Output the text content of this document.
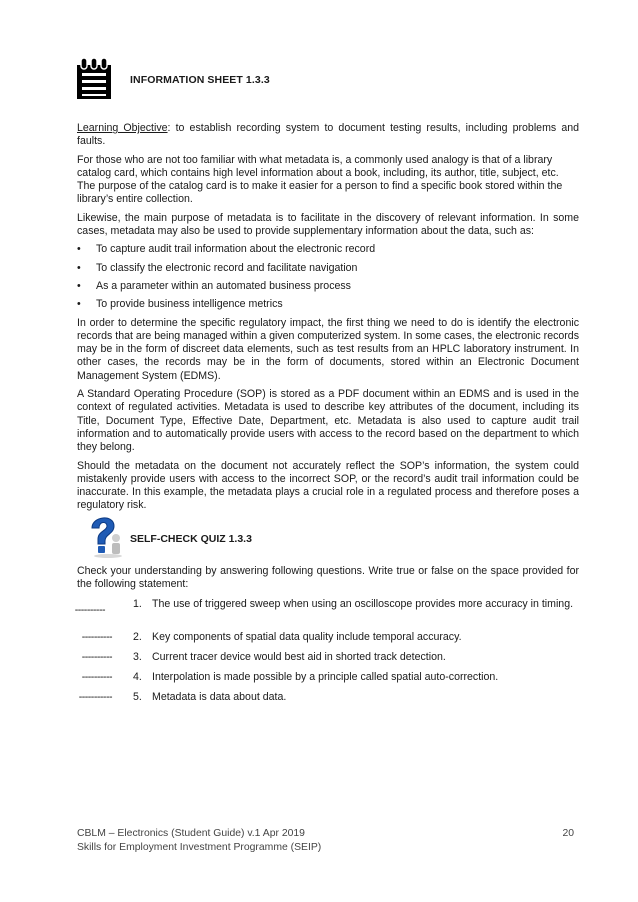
INFORMATION SHEET 1.3.3

Learning Objective: to establish recording system to document testing results, including problems and faults.

For those who are not too familiar with what metadata is, a commonly used analogy is that of a library catalog card, which contains high level information about a book, including, its author, title, subject, etc. The purpose of the catalog card is to make it easier for a person to find a specific book stored within the library’s entire collection.

Likewise, the main purpose of metadata is to facilitate in the discovery of relevant information. In some cases, metadata may also be used to provide supplementary information about the data, such as:

• To capture audit trail information about the electronic record
• To classify the electronic record and facilitate navigation
• As a parameter within an automated business process
• To provide business intelligence metrics

In order to determine the specific regulatory impact, the first thing we need to do is identify the electronic records that are being managed within a given computerized system. In some cases, the electronic records may be in the form of discreet data elements, such as test results from an HPLC laboratory instrument. In other cases, the records may be in the form of documents, stored within an Electronic Document Management System (EDMS).

A Standard Operating Procedure (SOP) is stored as a PDF document within an EDMS and is used in the context of regulated activities. Metadata is used to describe key attributes of the document, including its Title, Document Type, Effective Date, Department, etc. Metadata is also used to capture audit trail information and to automatically provide users with access to the record based on the department to which they belong.

Should the metadata on the document not accurately reflect the SOP’s information, the system could mistakenly provide users with access to the incorrect SOP, or the record’s audit trail information could be inaccurate. In this example, the metadata plays a crucial role in a regulated process and therefore poses a regulatory risk.

SELF-CHECK QUIZ 1.3.3

Check your understanding by answering following questions. Write true or false on the space provided for the following statement:

----------	1. The use of triggered sweep when using an oscilloscope provides more accuracy in timing.
---------- 2. Key components of spatial data quality include temporal accuracy.
---------- 3. Current tracer device would best aid in shorted track detection.
---------- 4. Interpolation is made possible by a principle called spatial auto-correction.
----------- 5. Metadata is data about data.
CBLM – Electronics (Student Guide) v.1 Apr 2019	20
Skills for Employment Investment Programme (SEIP)
